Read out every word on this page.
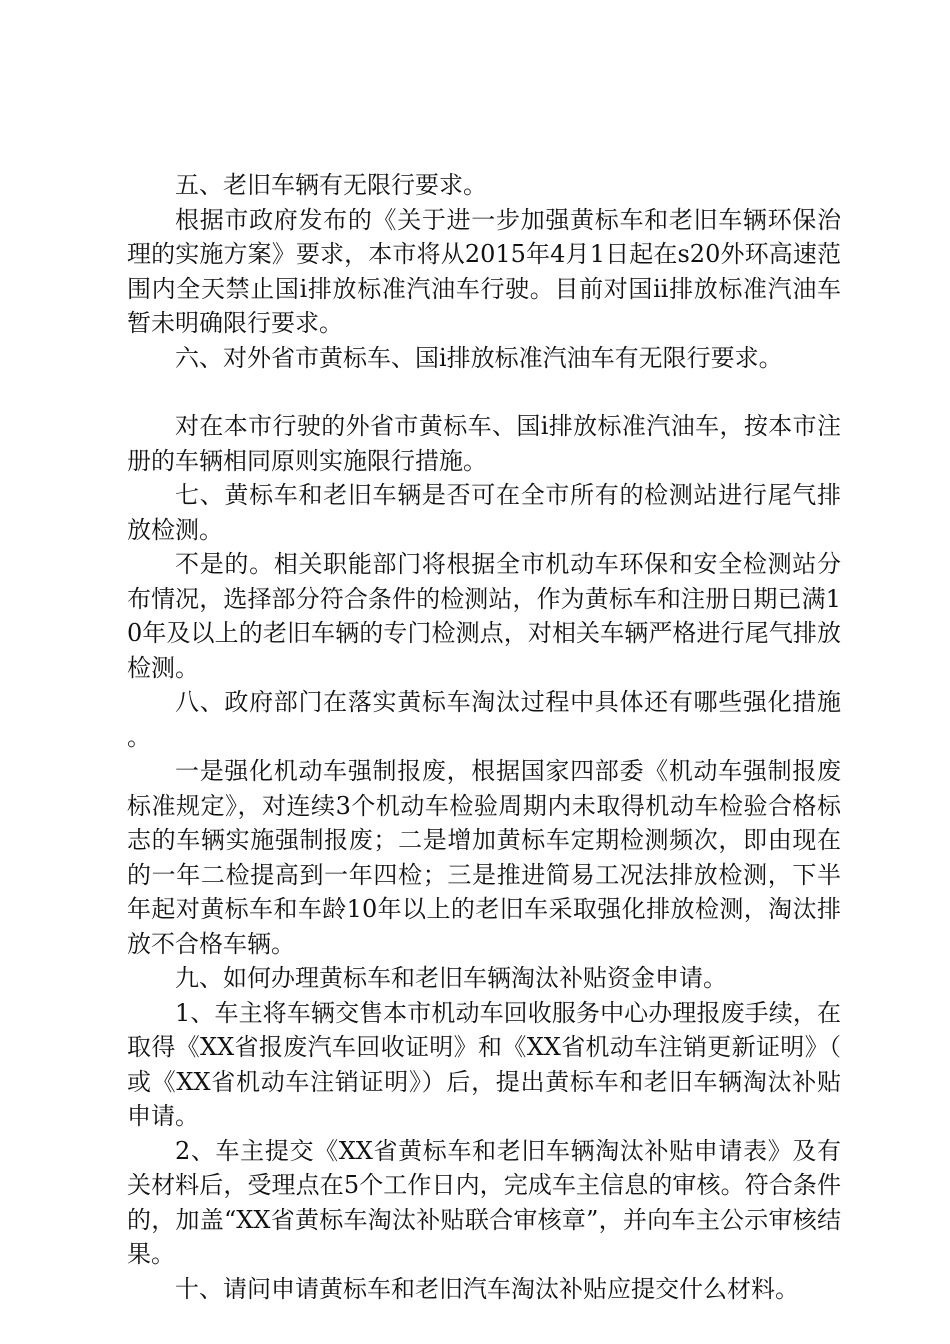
五、老旧车辆有无限行要求。

根据市政府发布的《关于进一步加强黄标车和老旧车辆环保治理的实施方案》要求，本市将从2015年4月1日起在s20外环高速范围内全天禁止国i排放标准汽油车行驶。目前对国ii排放标准汽油车暂未明确限行要求。

六、对外省市黄标车、国i排放标准汽油车有无限行要求。

对在本市行驶的外省市黄标车、国i排放标准汽油车，按本市注册的车辆相同原则实施限行措施。

七、黄标车和老旧车辆是否可在全市所有的检测站进行尾气排放检测。

不是的。相关职能部门将根据全市机动车环保和安全检测站分布情况，选择部分符合条件的检测站，作为黄标车和注册日期已满10年及以上的老旧车辆的专门检测点，对相关车辆严格进行尾气排放检测。

八、政府部门在落实黄标车淘汰过程中具体还有哪些强化措施。

一是强化机动车强制报废，根据国家四部委《机动车强制报废标准规定》，对连续3个机动车检验周期内未取得机动车检验合格标志的车辆实施强制报废；二是增加黄标车定期检测频次，即由现在的一年二检提高到一年四检；三是推进简易工况法排放检测，下半年起对黄标车和车龄10年以上的老旧车采取强化排放检测，淘汰排放不合格车辆。

九、如何办理黄标车和老旧车辆淘汰补贴资金申请。

1、车主将车辆交售本市机动车回收服务中心办理报废手续，在取得《XX省报废汽车回收证明》和《XX省机动车注销更新证明》（或《XX省机动车注销证明》）后，提出黄标车和老旧车辆淘汰补贴申请。

2、车主提交《XX省黄标车和老旧车辆淘汰补贴申请表》及有关材料后，受理点在5个工作日内，完成车主信息的审核。符合条件的，加盖“XX省黄标车淘汰补贴联合审核章”，并向车主公示审核结果。

十、请问申请黄标车和老旧汽车淘汰补贴应提交什么材料。
